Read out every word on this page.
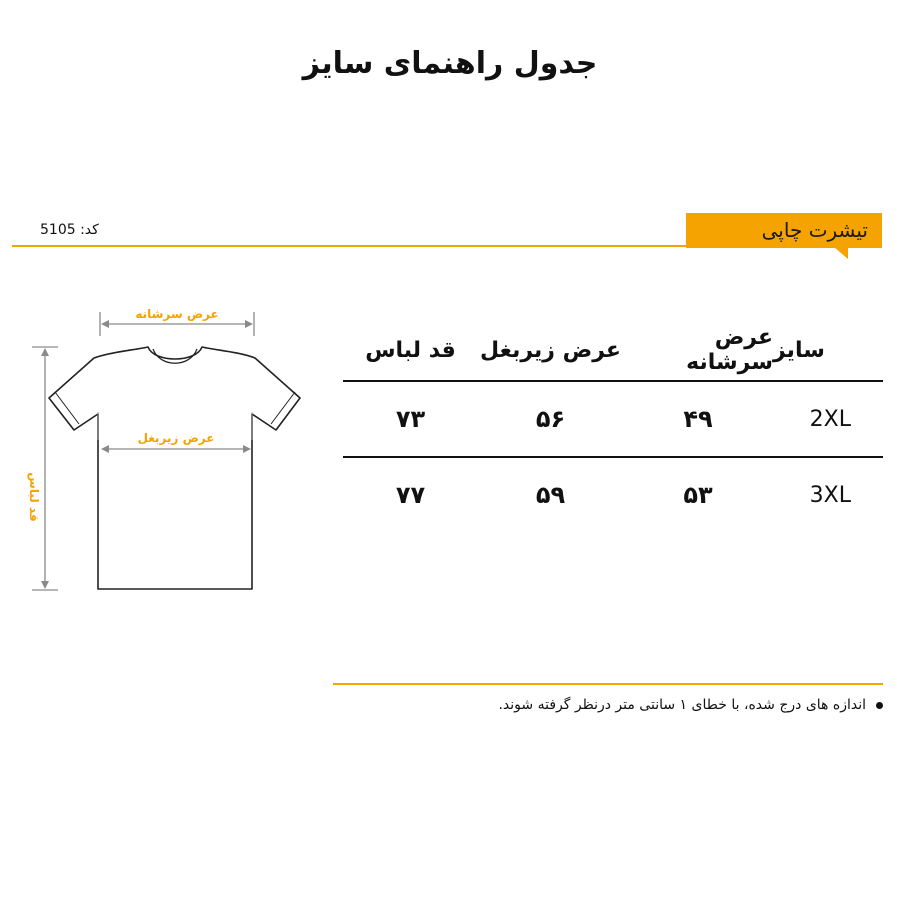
جدول راهنمای سایز
تیشرت چاپی
کد: 5105
عرض سرشانه
قد لباس
عرض زیربغل
سایز
عرض سرشانه
عرض زیربغل
قد لباس
2XL
۴۹
۵۶
۷۳
3XL
۵۳
۵۹
۷۷
اندازه های درج شده، با خطای ۱ سانتی متر درنظر گرفته شوند.
